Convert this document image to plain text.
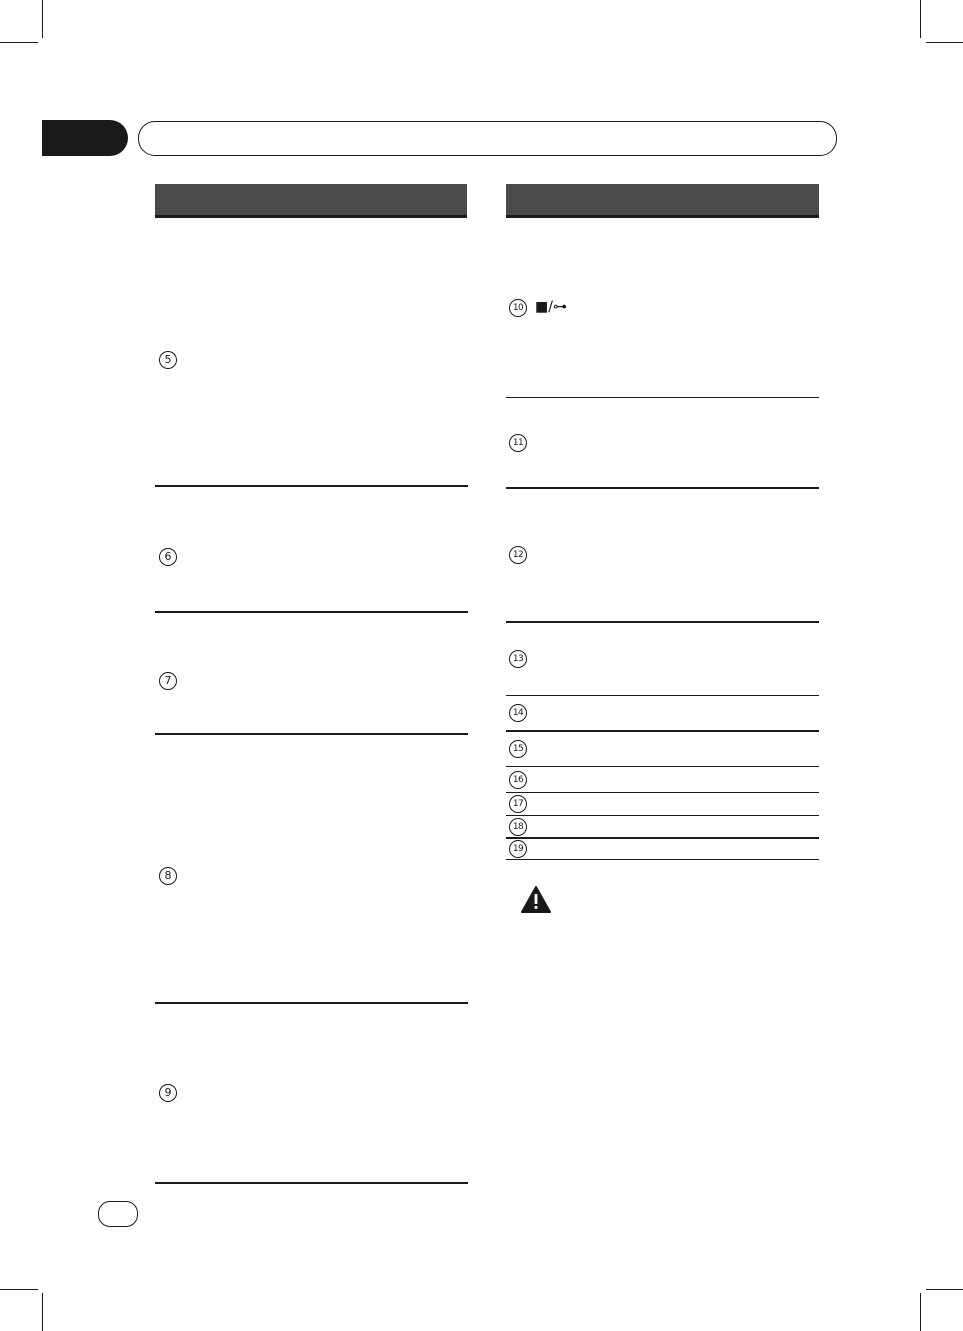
5
6
7
8
9
10 ■/⊶
11
12
13
14
15
16
17
18
19
